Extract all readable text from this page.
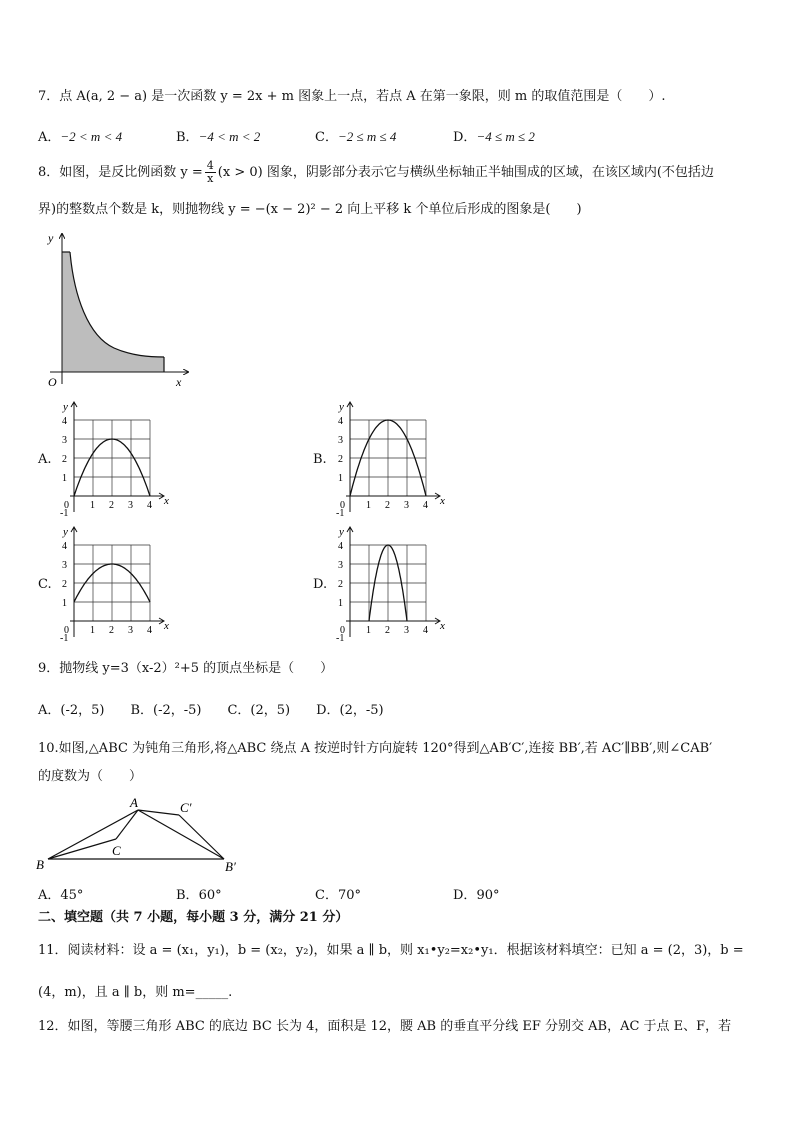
7．点 A(a, 2 − a) 是一次函数 y = 2x + m 图象上一点，若点 A 在第一象限，则 m 的取值范围是（　　）.
A．−2 < m < 4	B．−4 < m < 2	C．−2 ≤ m ≤ 4	D．−4 ≤ m ≤ 2
8．如图，是反比例函数 $y = \frac{4}{x} (x > 0)$ 图象，阴影部分表示它与横纵坐标轴正半轴围成的区域，在该区域内(不包括边
界)的整数点个数是 k，则抛物线 y = −(x − 2)² − 2 向上平移 k 个单位后形成的图象是(　　)
y
x
O
A.	B.
C.	D.
4
3
2
1
-1
0 1 2 3 4
y
x
4
3
2
1
-1
0 1 2 3 4
y
x
4
3
2
1
-1
0 1 2 3 4
y
x
4
3
2
1
-1
0 1 2 3 4
y
x
9．抛物线 y=3（x-2）²+5 的顶点坐标是（　　）
A．(-2，5)　　B．(-2，-5)　　C．(2，5)　　D．(2，-5)
10.如图,△ABC 为钝角三角形,将△ABC 绕点 A 按逆时针方向旋转 120°得到△AB′C′,连接 BB′,若 AC′∥BB′,则∠CAB′
的度数为（　　）
A
B
C
B′
C′
A．45°	B．60°	C．70°	D．90°
二、填空题（共 7 小题，每小题 3 分，满分 21 分）
11．阅读材料：设 a = (x₁，y₁)，b = (x₂，y₂)，如果 a ∥ b，则 x₁•y₂=x₂•y₁．根据该材料填空：已知 a = (2，3)，b =
(4，m)，且 a ∥ b，则 m=_____.
12．如图，等腰三角形 ABC 的底边 BC 长为 4，面积是 12，腰 AB 的垂直平分线 EF 分别交 AB，AC 于点 E、F，若
